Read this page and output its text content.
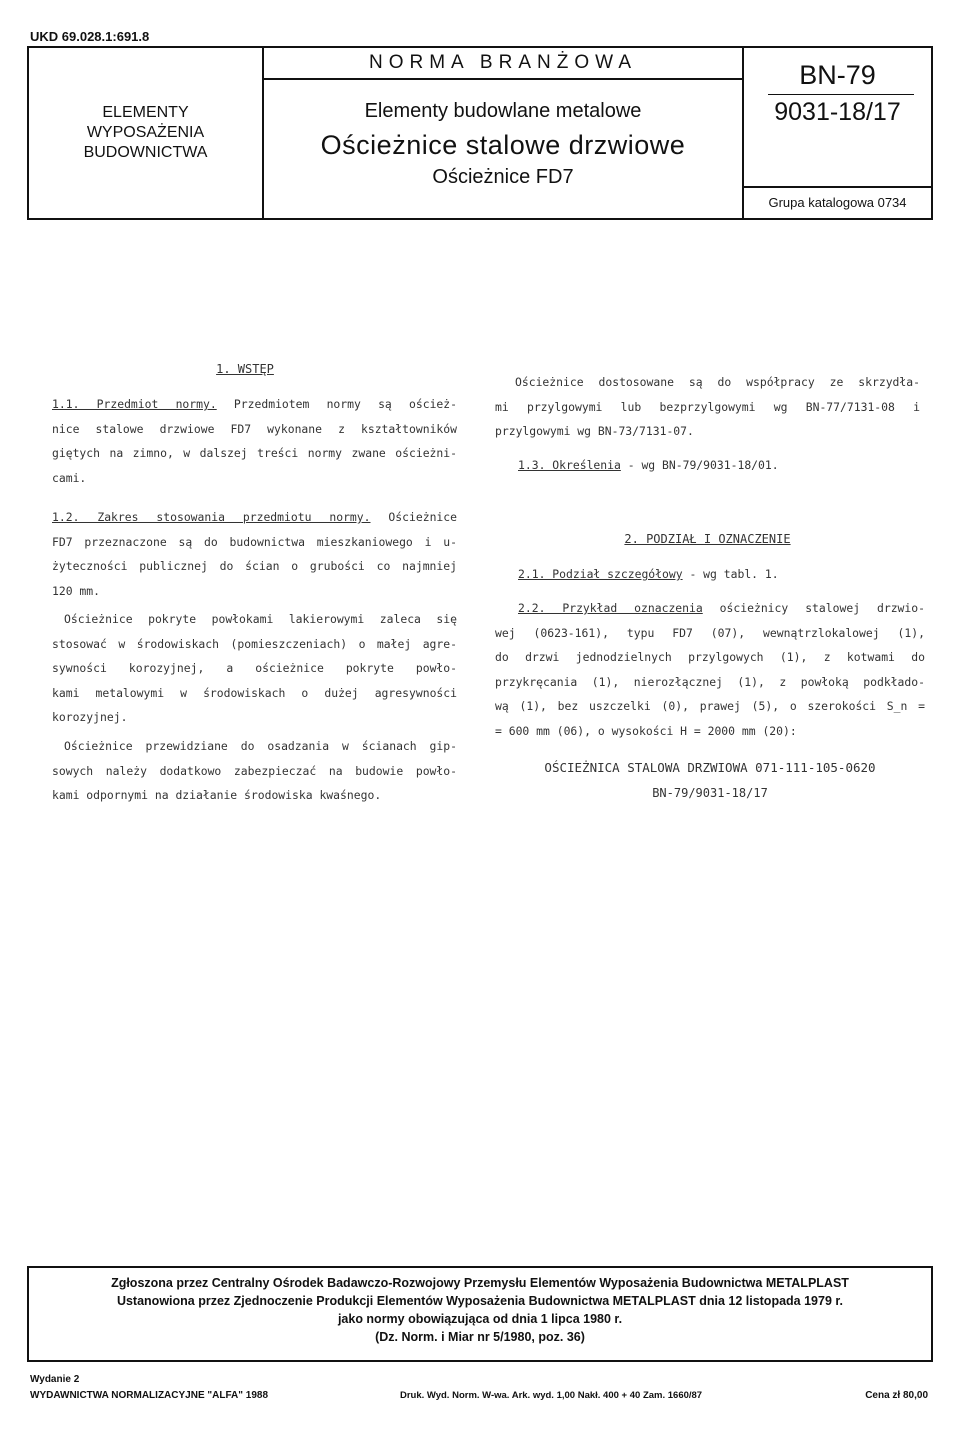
UKD 69.028.1:691.8
ELEMENTY
WYPOSAŻENIA
BUDOWNICTWA
NORMA BRANŻOWA
Elementy budowlane metalowe
Ościeżnice stalowe drzwiowe
Ościeżnice FD7
BN-79
9031-18/17
Grupa katalogowa 0734
1. WSTĘP
1.1. Przedmiot normy. Przedmiotem normy są oścież-
nice stalowe drzwiowe FD7 wykonane z kształtowników
giętych na zimno, w dalszej treści normy zwane ościeżni-
cami.
1.2. Zakres stosowania przedmiotu normy. Ościeżnice
FD7 przeznaczone są do budownictwa mieszkaniowego i u-
żyteczności publicznej do ścian o grubości co najmniej
120 mm.
Ościeżnice pokryte powłokami lakierowymi zaleca się
stosować w środowiskach (pomieszczeniach) o małej agre-
sywności korozyjnej, a ościeżnice pokryte powło-
kami metalowymi w środowiskach o dużej agresywności
korozyjnej.
Ościeżnice przewidziane do osadzania w ścianach gip-
sowych należy dodatkowo zabezpieczać na budowie powło-
kami odpornymi na działanie środowiska kwaśnego.
Ościeżnice dostosowane są do współpracy ze skrzydła-
mi przylgowymi lub bezprzylgowymi wg BN-77/7131-08 i
przylgowymi wg BN-73/7131-07.
1.3. Określenia - wg BN-79/9031-18/01.
2. PODZIAŁ I OZNACZENIE
2.1. Podział szczegółowy - wg tabl. 1.
2.2. Przykład oznaczenia ościeżnicy stalowej drzwio-
wej (0623-161), typu FD7 (07), wewnątrzlokalowej (1),
do drzwi jednodzielnych przylgowych (1), z kotwami do
przykręcania (1), nierozłącznej (1), z powłoką podkłado-
wą (1), bez uszczelki (0), prawej (5), o szerokości S_n =
= 600 mm (06), o wysokości H = 2000 mm (20):
OŚCIEŻNICA STALOWA DRZWIOWA 071-111-105-0620
BN-79/9031-18/17
Zgłoszona przez Centralny Ośrodek Badawczo-Rozwojowy Przemysłu Elementów Wyposażenia Budownictwa METALPLAST
Ustanowiona przez Zjednoczenie Produkcji Elementów Wyposażenia Budownictwa METALPLAST dnia 12 listopada 1979 r.
jako normy obowiązująca od dnia 1 lipca 1980 r.
(Dz. Norm. i Miar nr 5/1980, poz. 36)
Wydanie 2
WYDAWNICTWA NORMALIZACYJNE "ALFA" 1988	Druk. Wyd. Norm. W-wa. Ark. wyd. 1,00 Nakł. 400 + 40 Zam. 1660/87	Cena zł 80,00
